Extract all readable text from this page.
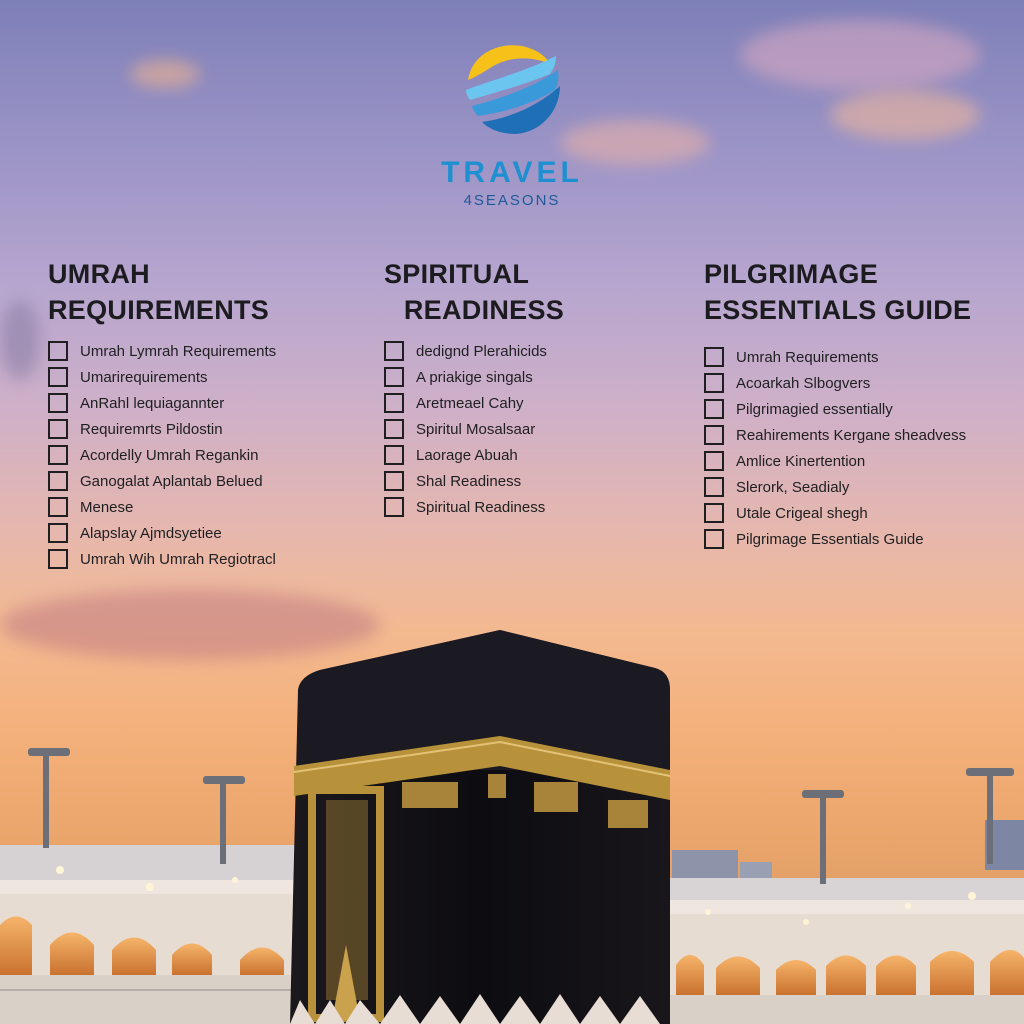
TRAVEL
4SEASONS
UMRAH
REQUIREMENTS
Umrah Lymrah Requirements
Umarirequirements
AnRahl lequiagannter
Requiremrts Pildostin
Acordelly Umrah Regankin
Ganogalat Aplantab Belued
Menese
Alapslay Ajmdsyetiee
Umrah Wih Umrah Regiotracl
SPIRITUAL
READINESS
dedignd Plerahicids
A priakige singals
Aretmeael Cahy
Spiritul Mosalsaar
Laorage Abuah
Shal Readiness
Spiritual Readiness
PILGRIMAGE
ESSENTIALS GUIDE
Umrah Requirements
Acoarkah Slbogvers
Pilgrimagied essentially
Reahirements Kergane sheadvess
Amlice Kinertention
Slerork, Seadialy
Utale Crigeal shegh
Pilgrimage Essentials Guide
